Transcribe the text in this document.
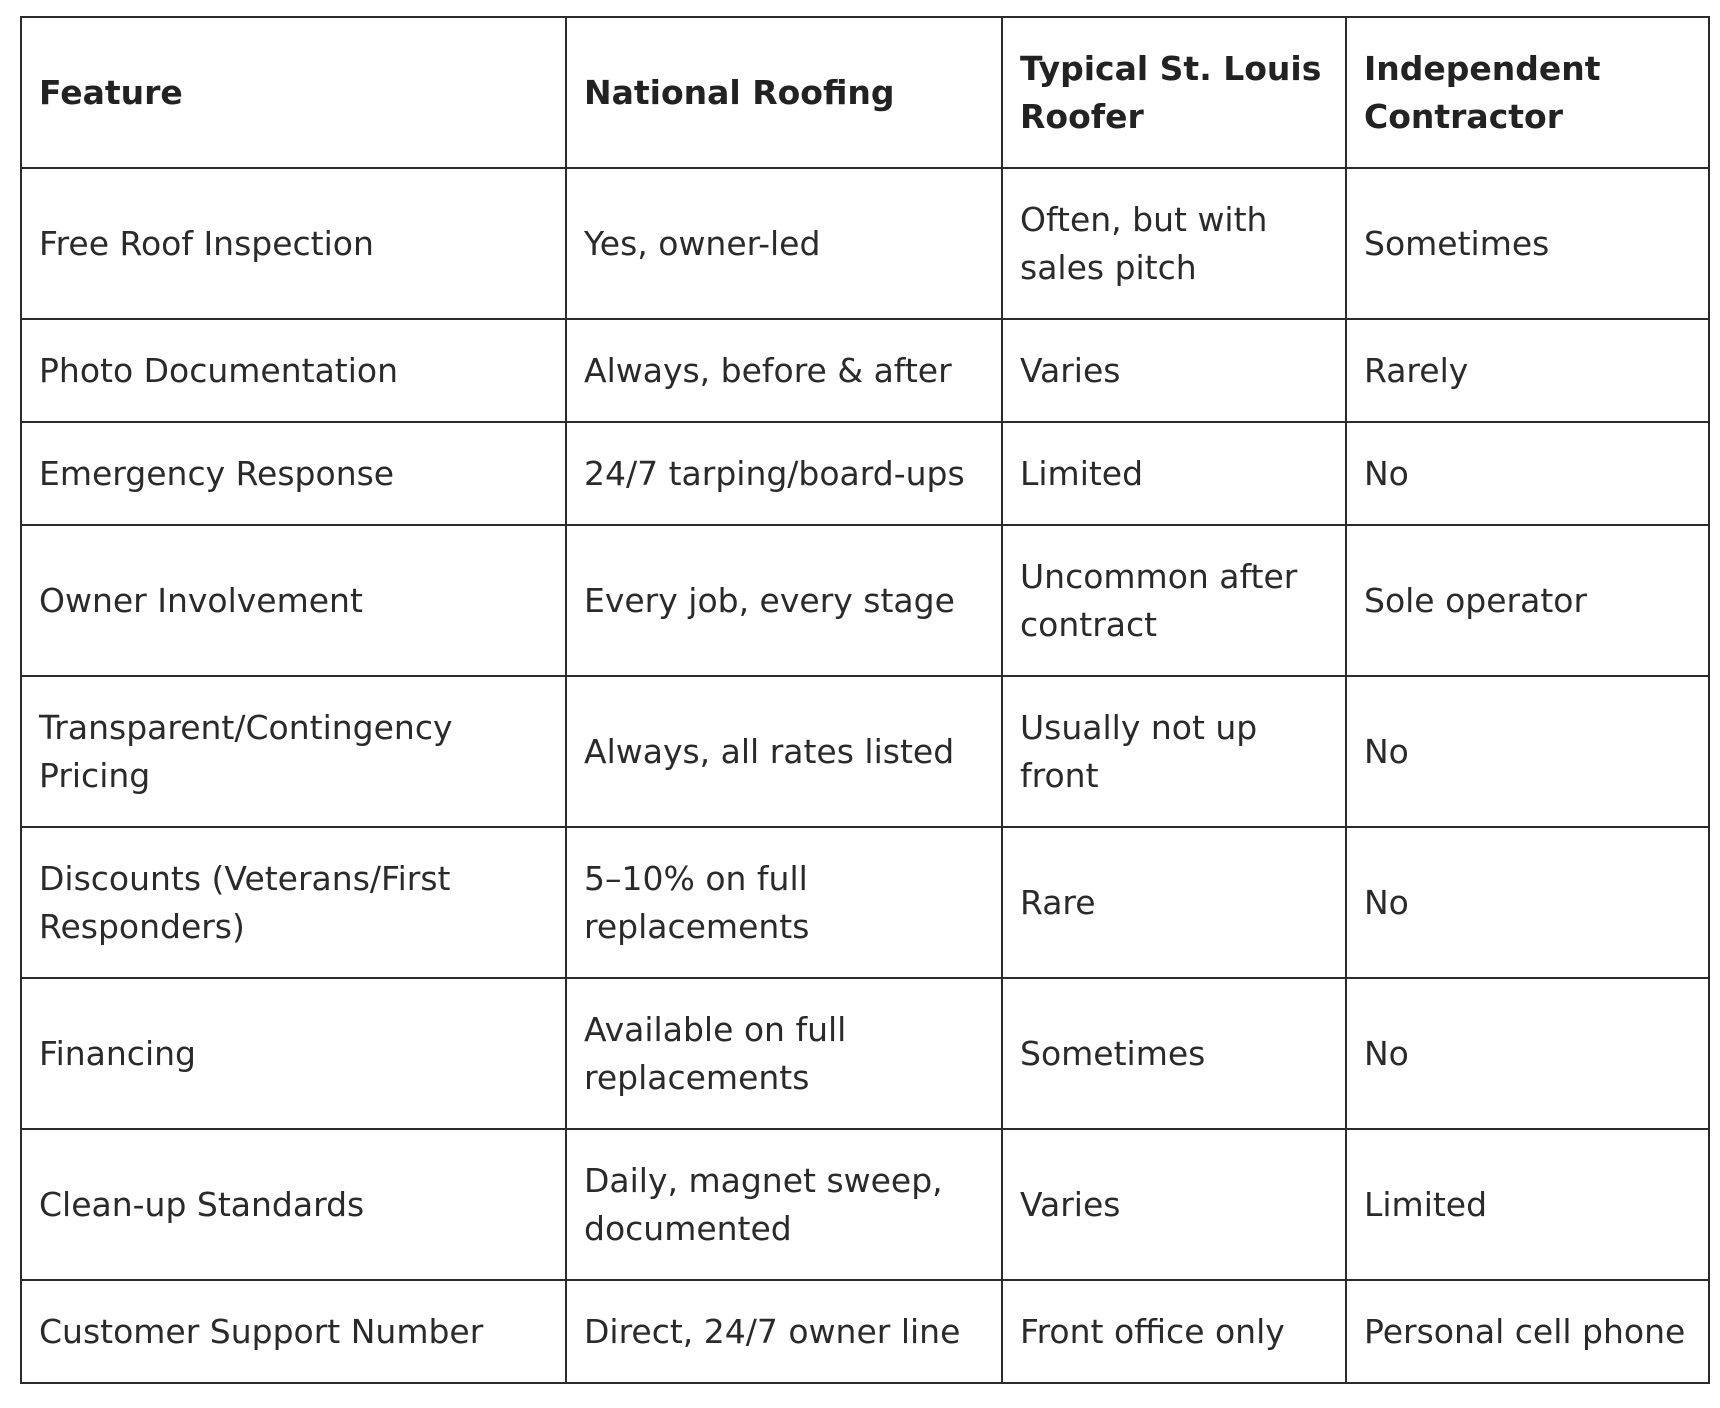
Feature	National Roofing	Typical St. Louis Roofer	Independent Contractor
Free Roof Inspection	Yes, owner-led	Often, but with sales pitch	Sometimes
Photo Documentation	Always, before & after	Varies	Rarely
Emergency Response	24/7 tarping/board-ups	Limited	No
Owner Involvement	Every job, every stage	Uncommon after contract	Sole operator
Transparent/Contingency Pricing	Always, all rates listed	Usually not up front	No
Discounts (Veterans/First Responders)	5–10% on full replacements	Rare	No
Financing	Available on full replacements	Sometimes	No
Clean-up Standards	Daily, magnet sweep, documented	Varies	Limited
Customer Support Number	Direct, 24/7 owner line	Front office only	Personal cell phone
